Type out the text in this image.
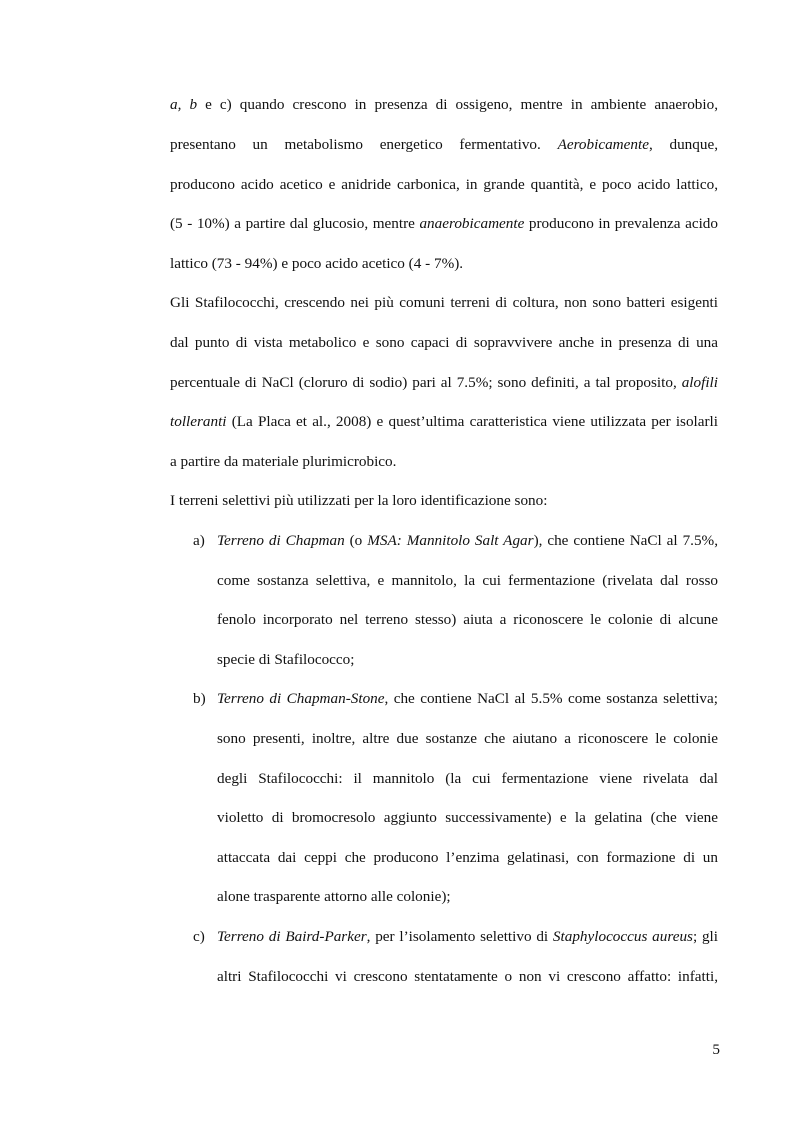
a, b e c) quando crescono in presenza di ossigeno, mentre in ambiente anaerobio,
presentano un metabolismo energetico fermentativo. Aerobicamente, dunque,
producono acido acetico e anidride carbonica, in grande quantità, e poco acido lattico,
(5 - 10%) a partire dal glucosio, mentre anaerobicamente producono in prevalenza acido
lattico (73 - 94%) e poco acido acetico (4 - 7%).
Gli Stafilococchi, crescendo nei più comuni terreni di coltura, non sono batteri esigenti
dal punto di vista metabolico e sono capaci di sopravvivere anche in presenza di una
percentuale di NaCl (cloruro di sodio) pari al 7.5%; sono definiti, a tal proposito, alofili
tolleranti (La Placa et al., 2008) e quest’ultima caratteristica viene utilizzata per isolarli
a partire da materiale plurimicrobico.
I terreni selettivi più utilizzati per la loro identificazione sono:
a) Terreno di Chapman (o MSA: Mannitolo Salt Agar), che contiene NaCl al 7.5%,
come sostanza selettiva, e mannitolo, la cui fermentazione (rivelata dal rosso
fenolo incorporato nel terreno stesso) aiuta a riconoscere le colonie di alcune
specie di Stafilococco;
b) Terreno di Chapman-Stone, che contiene NaCl al 5.5% come sostanza selettiva;
sono presenti, inoltre, altre due sostanze che aiutano a riconoscere le colonie
degli Stafilococchi: il mannitolo (la cui fermentazione viene rivelata dal
violetto di bromocresolo aggiunto successivamente) e la gelatina (che viene
attaccata dai ceppi che producono l’enzima gelatinasi, con formazione di un
alone trasparente attorno alle colonie);
c) Terreno di Baird-Parker, per l’isolamento selettivo di Staphylococcus aureus; gli
altri Stafilococchi vi crescono stentatamente o non vi crescono affatto: infatti,
5
